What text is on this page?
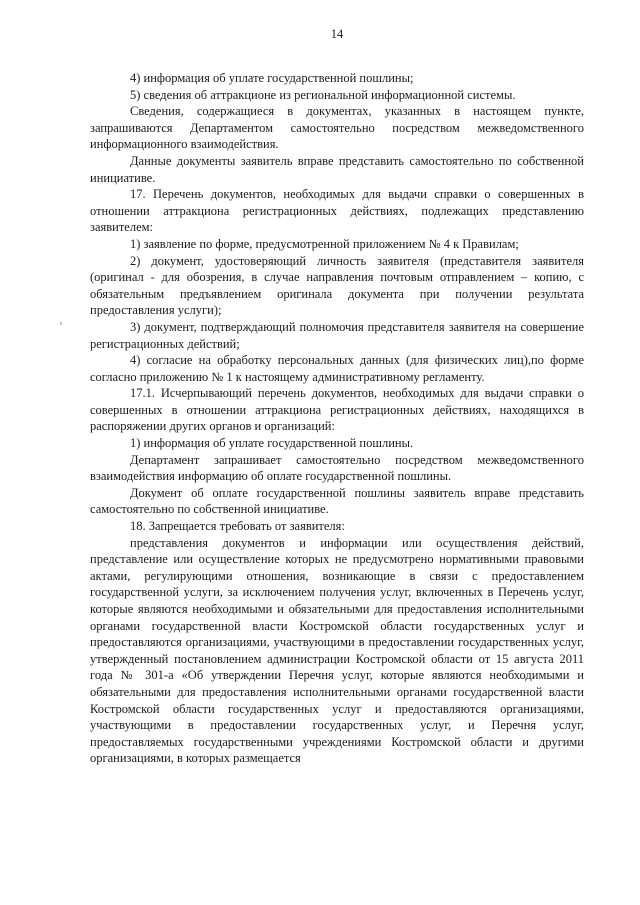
14

4) информация об уплате государственной пошлины;

5) сведения об аттракционе из региональной информационной системы.

Сведения, содержащиеся в документах, указанных в настоящем пункте, запрашиваются Департаментом самостоятельно посредством межведомственного информационного взаимодействия.

Данные документы заявитель вправе представить самостоятельно по собственной инициативе.

17. Перечень документов, необходимых для выдачи справки о совершенных в отношении аттракциона регистрационных действиях, подлежащих представлению заявителем:

1) заявление по форме, предусмотренной приложением № 4 к Правилам;

2) документ, удостоверяющий личность заявителя (представителя заявителя (оригинал - для обозрения, в случае направления почтовым отправлением – копию, с обязательным предъявлением оригинала документа при получении результата предоставления услуги);

3) документ, подтверждающий полномочия представителя заявителя на совершение регистрационных действий;

4) согласие на обработку персональных данных (для физических лиц),по форме согласно приложению № 1 к настоящему административному регламенту.

17.1. Исчерпывающий перечень документов, необходимых для выдачи справки о совершенных в отношении аттракциона регистрационных действиях, находящихся в распоряжении других органов и организаций:

1) информация об уплате государственной пошлины.

Департамент запрашивает самостоятельно посредством межведомственного взаимодействия информацию об оплате государственной пошлины.

Документ об оплате государственной пошлины заявитель вправе представить самостоятельно по собственной инициативе.

18. Запрещается требовать от заявителя:

представления документов и информации или осуществления действий, представление или осуществление которых не предусмотрено нормативными правовыми актами, регулирующими отношения, возникающие в связи с предоставлением государственной услуги, за исключением получения услуг, включенных в Перечень услуг, которые являются необходимыми и обязательными для предоставления исполнительными органами государственной власти Костромской области государственных услуг и предоставляются организациями, участвующими в предоставлении государственных услуг, утвержденный постановлением администрации Костромской области от 15 августа 2011 года № 301-а «Об утверждении Перечня услуг, которые являются необходимыми и обязательными для предоставления исполнительными органами государственной власти Костромской области государственных услуг и предоставляются организациями, участвующими в предоставлении государственных услуг, и Перечня услуг, предоставляемых государственными учреждениями Костромской области и другими организациями, в которых размещается
